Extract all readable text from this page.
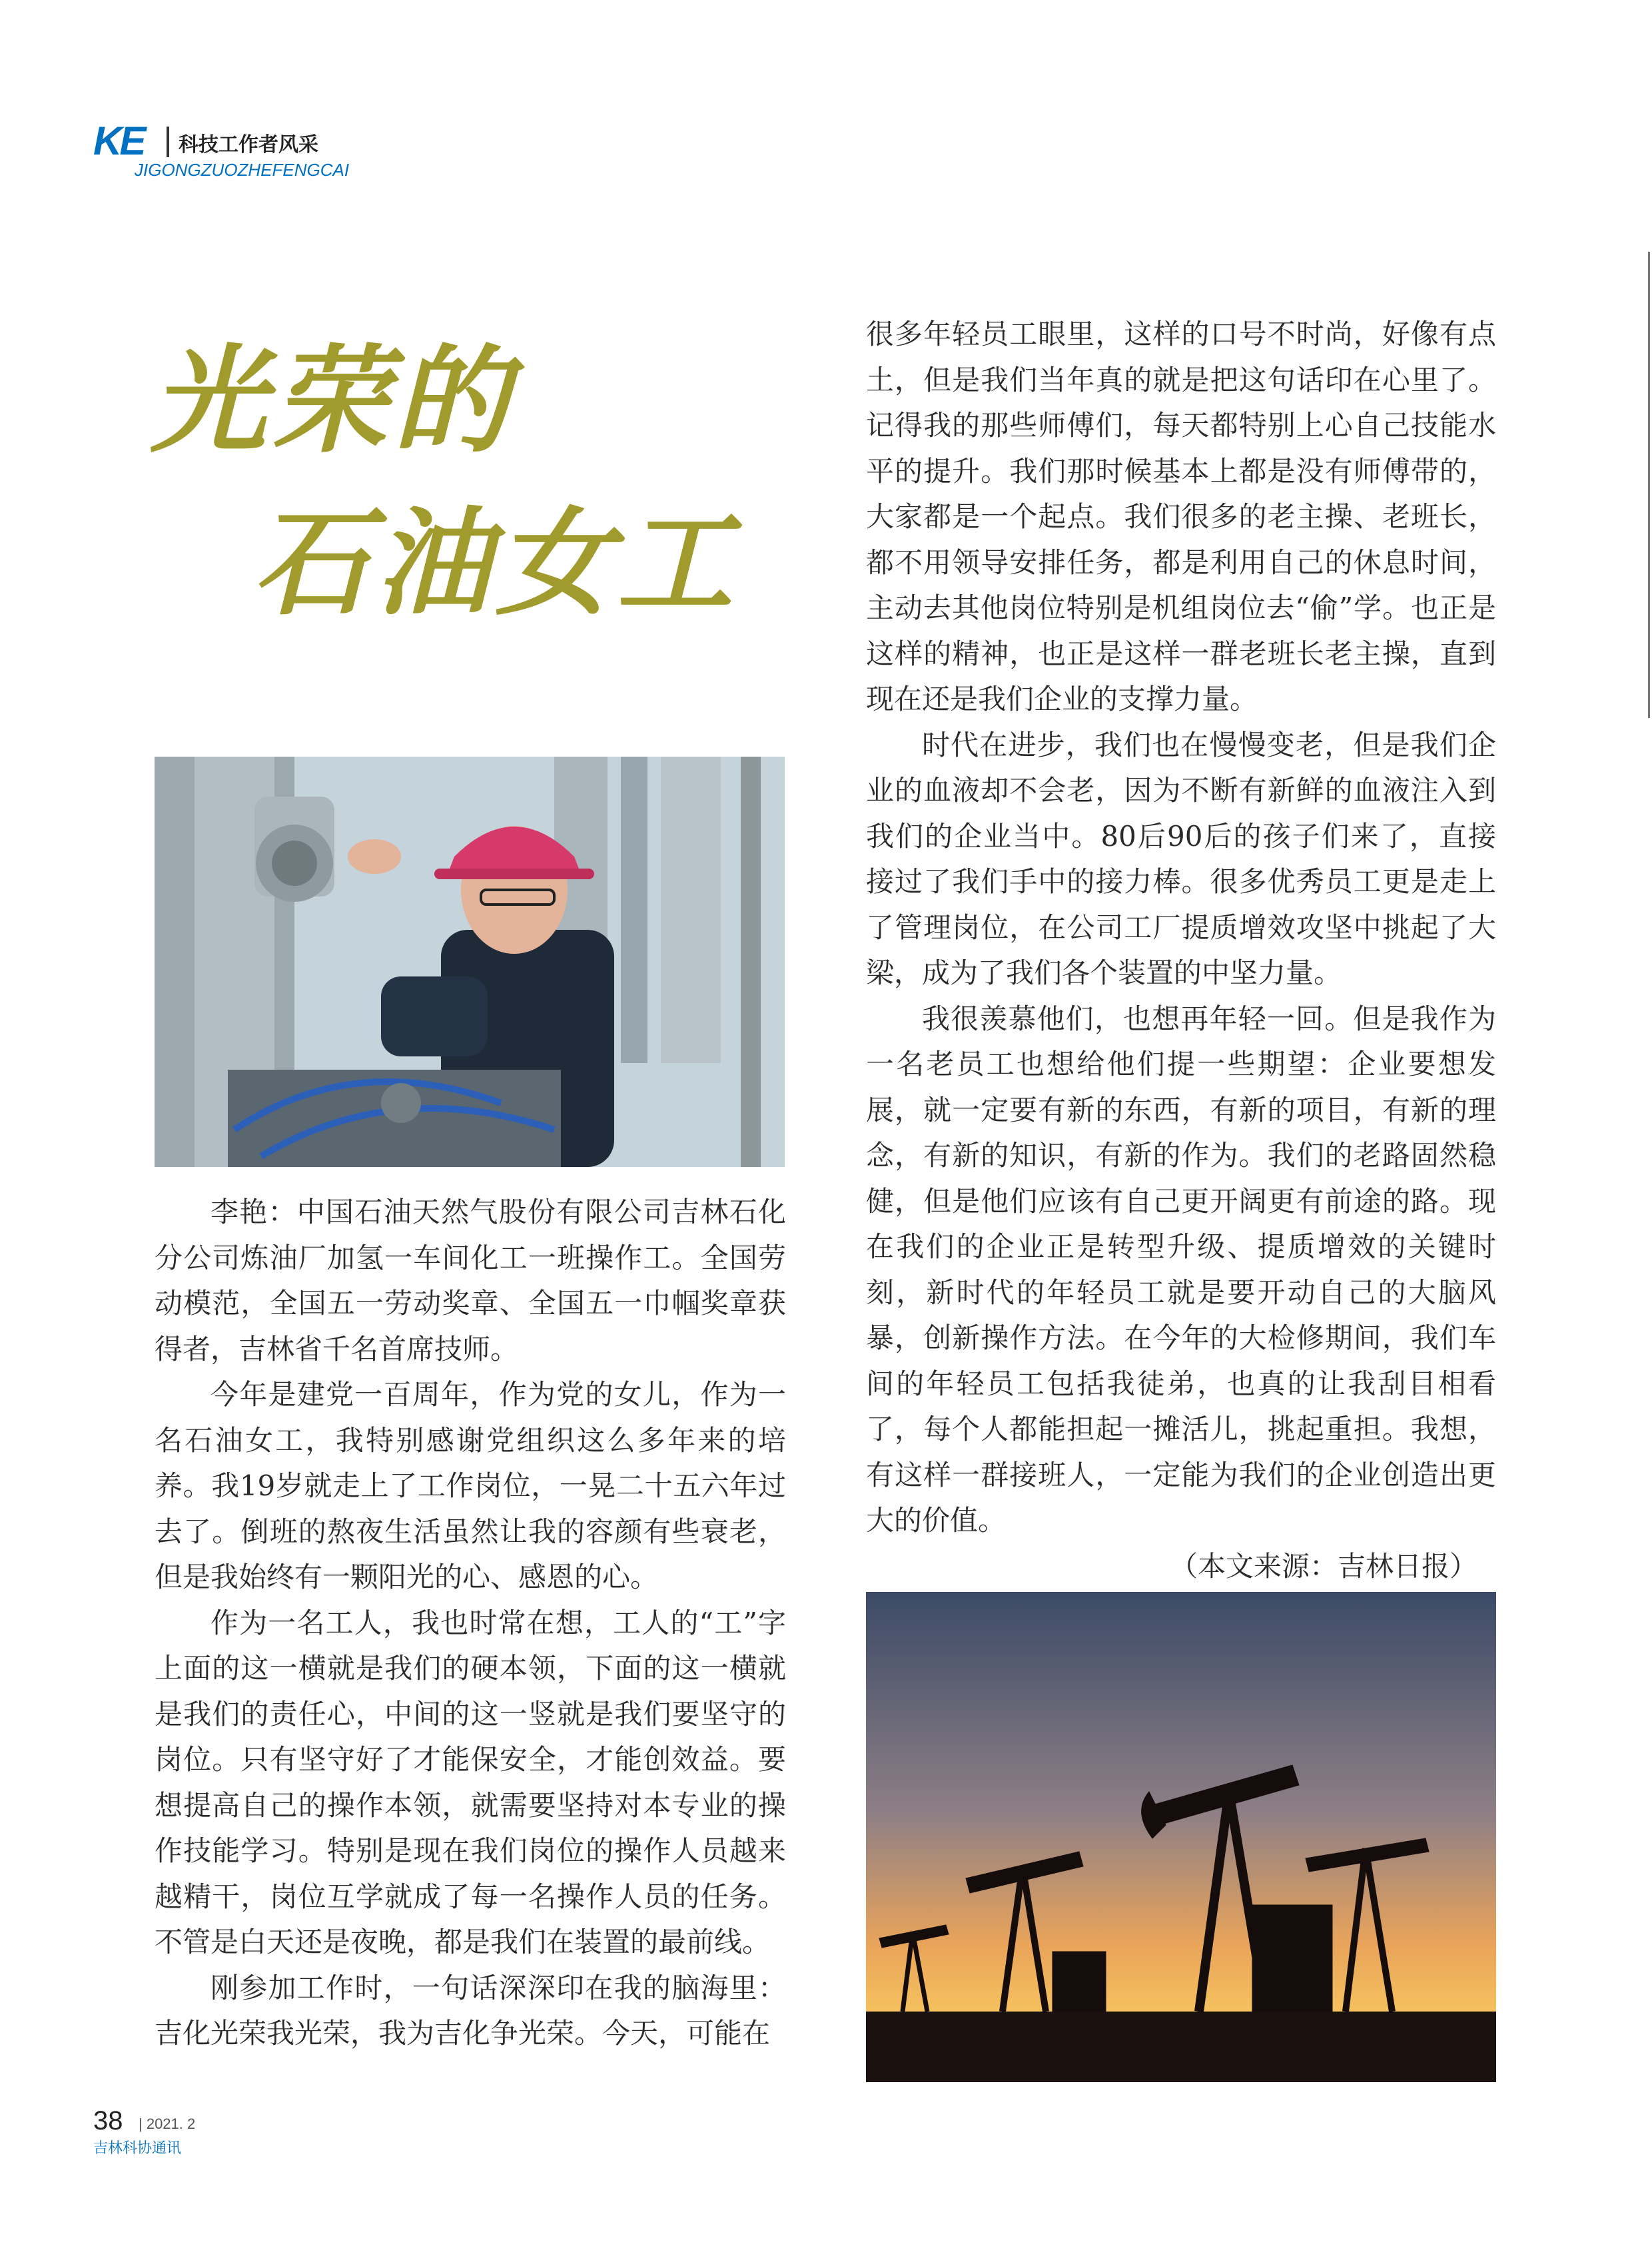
KE 科技工作者风采
JIGONGZUOZHEFENGCAI
光荣的
石油女工

李艳：中国石油天然气股份有限公司吉林石化分公司炼油厂加氢一车间化工一班操作工。全国劳动模范，全国五一劳动奖章、全国五一巾帼奖章获得者，吉林省千名首席技师。

今年是建党一百周年，作为党的女儿，作为一名石油女工，我特别感谢党组织这么多年来的培养。我19岁就走上了工作岗位，一晃二十五六年过去了。倒班的熬夜生活虽然让我的容颜有些衰老，但是我始终有一颗阳光的心、感恩的心。

作为一名工人，我也时常在想，工人的“工”字上面的这一横就是我们的硬本领，下面的这一横就是我们的责任心，中间的这一竖就是我们要坚守的岗位。只有坚守好了才能保安全，才能创效益。要想提高自己的操作本领，就需要坚持对本专业的操作技能学习。特别是现在我们岗位的操作人员越来越精干，岗位互学就成了每一名操作人员的任务。不管是白天还是夜晚，都是我们在装置的最前线。

刚参加工作时，一句话深深印在我的脑海里：吉化光荣我光荣，我为吉化争光荣。今天，可能在

很多年轻员工眼里，这样的口号不时尚，好像有点土，但是我们当年真的就是把这句话印在心里了。记得我的那些师傅们，每天都特别上心自己技能水平的提升。我们那时候基本上都是没有师傅带的，大家都是一个起点。我们很多的老主操、老班长，都不用领导安排任务，都是利用自己的休息时间，主动去其他岗位特别是机组岗位去“偷”学。也正是这样的精神，也正是这样一群老班长老主操，直到现在还是我们企业的支撑力量。

时代在进步，我们也在慢慢变老，但是我们企业的血液却不会老，因为不断有新鲜的血液注入到我们的企业当中。80后90后的孩子们来了，直接接过了我们手中的接力棒。很多优秀员工更是走上了管理岗位，在公司工厂提质增效攻坚中挑起了大梁，成为了我们各个装置的中坚力量。

我很羡慕他们，也想再年轻一回。但是我作为一名老员工也想给他们提一些期望：企业要想发展，就一定要有新的东西，有新的项目，有新的理念，有新的知识，有新的作为。我们的老路固然稳健，但是他们应该有自己更开阔更有前途的路。现在我们的企业正是转型升级、提质增效的关键时刻，新时代的年轻员工就是要开动自己的大脑风暴，创新操作方法。在今年的大检修期间，我们车间的年轻员工包括我徒弟，也真的让我刮目相看了，每个人都能担起一摊活儿，挑起重担。我想，有这样一群接班人，一定能为我们的企业创造出更大的价值。

（本文来源：吉林日报）

38 | 2021. 2
吉林科协通讯
